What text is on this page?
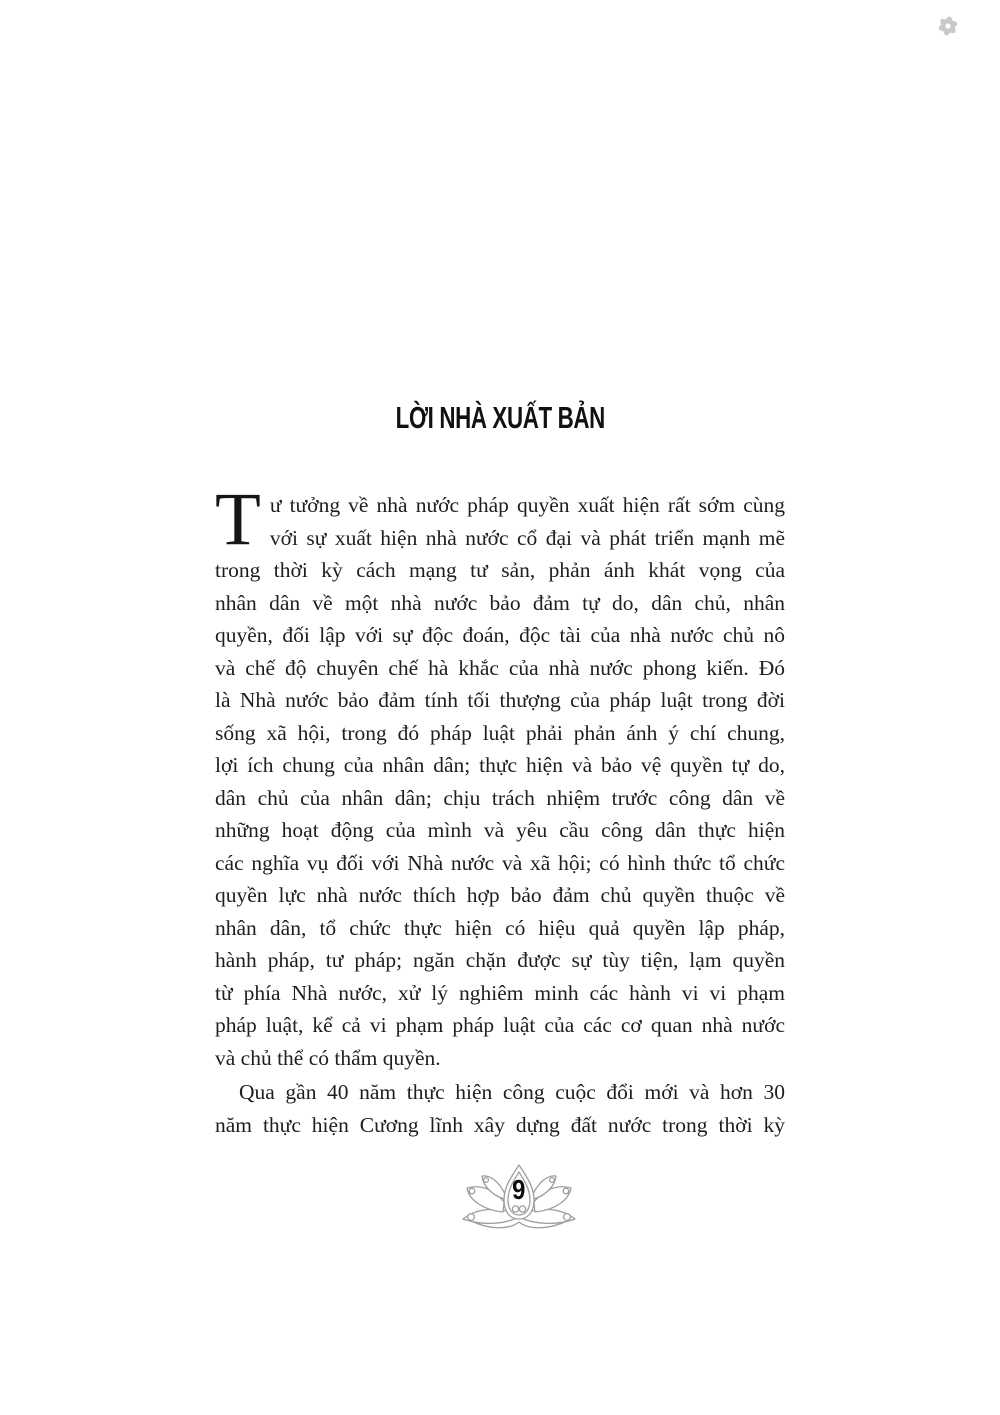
LỜI NHÀ XUẤT BẢN
T ư tưởng về nhà nước pháp quyền xuất hiện rất sớm cùng
với sự xuất hiện nhà nước cổ đại và phát triển mạnh mẽ
trong thời kỳ cách mạng tư sản, phản ánh khát vọng của
nhân dân về một nhà nước bảo đảm tự do, dân chủ, nhân
quyền, đối lập với sự độc đoán, độc tài của nhà nước chủ nô
và chế độ chuyên chế hà khắc của nhà nước phong kiến. Đó
là Nhà nước bảo đảm tính tối thượng của pháp luật trong đời
sống xã hội, trong đó pháp luật phải phản ánh ý chí chung,
lợi ích chung của nhân dân; thực hiện và bảo vệ quyền tự do,
dân chủ của nhân dân; chịu trách nhiệm trước công dân về
những hoạt động của mình và yêu cầu công dân thực hiện
các nghĩa vụ đối với Nhà nước và xã hội; có hình thức tổ chức
quyền lực nhà nước thích hợp bảo đảm chủ quyền thuộc về
nhân dân, tổ chức thực hiện có hiệu quả quyền lập pháp,
hành pháp, tư pháp; ngăn chặn được sự tùy tiện, lạm quyền
từ phía Nhà nước, xử lý nghiêm minh các hành vi vi phạm
pháp luật, kể cả vi phạm pháp luật của các cơ quan nhà nước
và chủ thể có thẩm quyền.
Qua gần 40 năm thực hiện công cuộc đổi mới và hơn 30
năm thực hiện Cương lĩnh xây dựng đất nước trong thời kỳ
9
